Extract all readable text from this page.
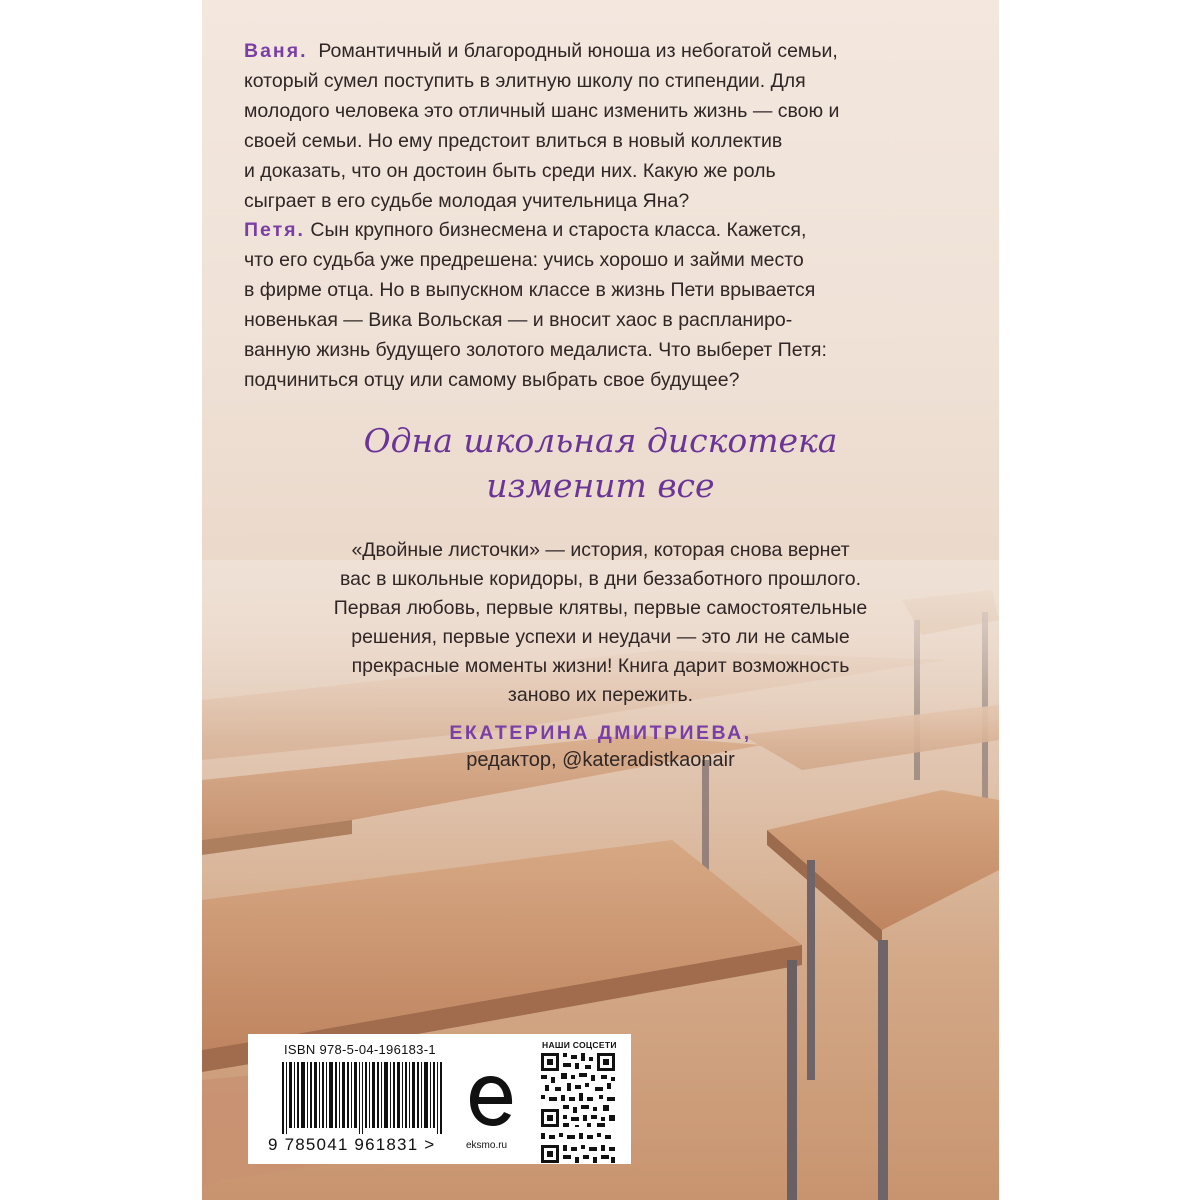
Ваня. Романтичный и благородный юноша из небогатой семьи,
который сумел поступить в элитную школу по стипендии. Для
молодого человека это отличный шанс изменить жизнь — свою и
своей семьи. Но ему предстоит влиться в новый коллектив
и доказать, что он достоин быть среди них. Какую же роль
сыграет в его судьбе молодая учительница Яна?
Петя. Сын крупного бизнесмена и староста класса. Кажется,
что его судьба уже предрешена: учись хорошо и займи место
в фирме отца. Но в выпускном классе в жизнь Пети врывается
новенькая — Вика Вольская — и вносит хаос в распланиро-
ванную жизнь будущего золотого медалиста. Что выберет Петя:
подчиниться отцу или самому выбрать свое будущее?
Одна школьная дискотека
изменит все
«Двойные листочки» — история, которая снова вернет
вас в школьные коридоры, в дни беззаботного прошлого.
Первая любовь, первые клятвы, первые самостоятельные
решения, первые успехи и неудачи — это ли не самые
прекрасные моменты жизни! Книга дарит возможность
заново их пережить.
ЕКАТЕРИНА ДМИТРИЕВА,
редактор, @kateradistkaonair
ISBN 978-5-04-196183-1
9 785041 961831 >	eksmo.ru
НАШИ СОЦСЕТИ
